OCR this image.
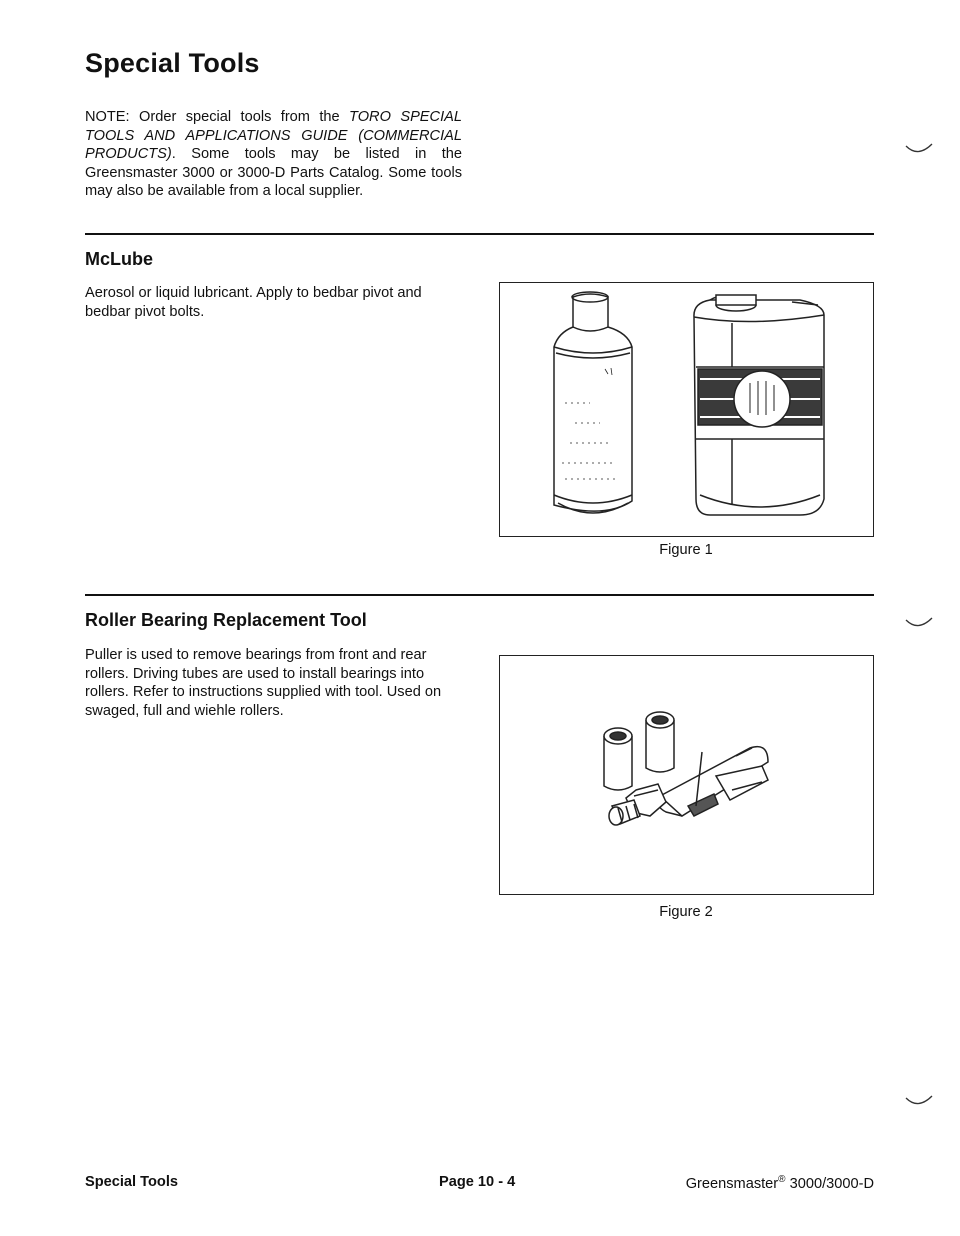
Special Tools

NOTE: Order special tools from the TORO SPECIAL TOOLS AND APPLICATIONS GUIDE (COMMERCIAL PRODUCTS). Some tools may be listed in the Greensmaster 3000 or 3000-D Parts Catalog. Some tools may also be available from a local supplier.

McLube

Aerosol or liquid lubricant. Apply to bedbar pivot and bedbar pivot bolts.

Figure 1
Roller Bearing Replacement Tool

Puller is used to remove bearings from front and rear rollers. Driving tubes are used to install bearings into rollers. Refer to instructions supplied with tool. Used on swaged, full and wiehle rollers.

Figure 2
Special Tools	Page 10 - 4	Greensmaster® 3000/3000-D
